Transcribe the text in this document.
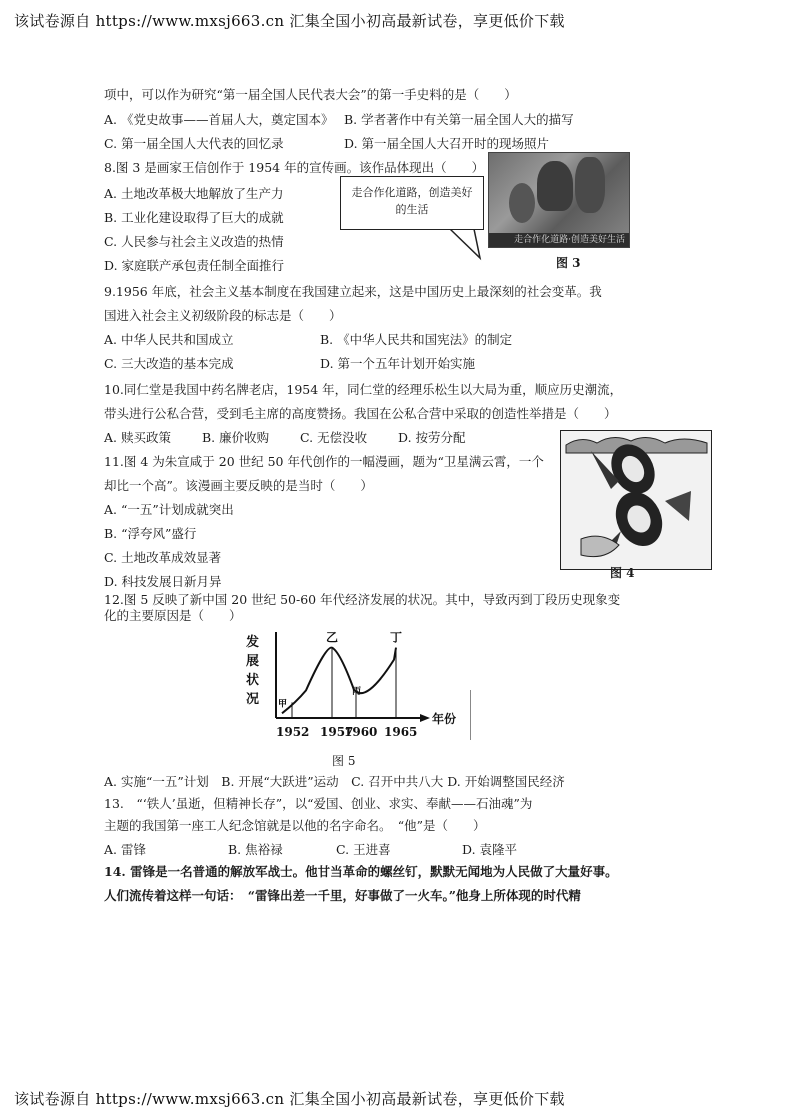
该试卷源自 https://www.mxsj663.cn 汇集全国小初高最新试卷，享更低价下载
项中，可以作为研究“第一届全国人民代表大会”的第一手史料的是（　　）
A. 《党史故事——首届人大，奠定国本》 B. 学者著作中有关第一届全国人大的描写
C. 第一届全国人大代表的回忆录	D. 第一届全国人大召开时的现场照片
8.图 3 是画家王信创作于 1954 年的宣传画。该作品体现出（　　）
A. 土地改革极大地解放了生产力
B. 工业化建设取得了巨大的成就
C. 人民参与社会主义改造的热情
D. 家庭联产承包责任制全面推行
走合作化道路·创造美好生活
走合作化道路，创造美好的生活
图 3
9.1956 年底，社会主义基本制度在我国建立起来，这是中国历史上最深刻的社会变革。我
国进入社会主义初级阶段的标志是（　　）
A. 中华人民共和国成立	B. 《中华人民共和国宪法》的制定
C. 三大改造的基本完成	D. 第一个五年计划开始实施
10.同仁堂是我国中药名牌老店，1954 年，同仁堂的经理乐松生以大局为重，顺应历史潮流，
带头进行公私合营，受到毛主席的高度赞扬。我国在公私合营中采取的创造性举措是（　　）
A. 赎买政策 B. 廉价收购 C. 无偿没收 D. 按劳分配
11.图 4 为朱宣咸于 20 世纪 50 年代创作的一幅漫画，题为“卫星满云霄，一个
却比一个高”。该漫画主要反映的是当时（　　）
A. “一五”计划成就突出
B. “浮夸风”盛行
C. 土地改革成效显著
D. 科技发展日新月异
图 4
12.图 5 反映了新中国 20 世纪 50-60 年代经济发展的状况。其中，导致丙到丁段历史现象变
化的主要原因是（　　）
发展状况
年份
甲
乙
丙
丁
1952 1957
1960 1965
图 5
A. 实施“一五”计划　B. 开展“大跃进”运动　C. 召开中共八大 D. 开始调整国民经济
13.　“‘铁人’虽逝，但精神长存”，以“爱国、创业、求实、奉献——石油魂”为
主题的我国第一座工人纪念馆就是以他的名字命名。　“他”是（　　）
A. 雷锋	B. 焦裕禄	C. 王进喜	D. 袁隆平
14. 雷锋是一名普通的解放军战士。他甘当革命的螺丝钉，默默无闻地为人民做了大量好事。
人们流传着这样一句话：　“雷锋出差一千里，好事做了一火车。”他身上所体现的时代精
该试卷源自 https://www.mxsj663.cn 汇集全国小初高最新试卷，享更低价下载
